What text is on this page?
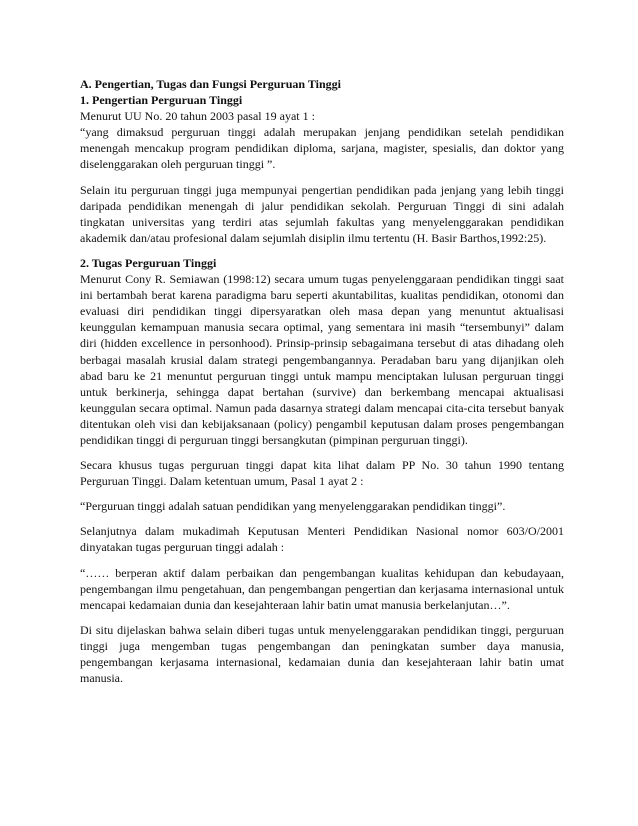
A. Pengertian, Tugas dan Fungsi Perguruan Tinggi
1. Pengertian Perguruan Tinggi
Menurut UU No. 20 tahun 2003 pasal 19 ayat 1 :

“yang dimaksud perguruan tinggi adalah merupakan jenjang pendidikan setelah pendidikan menengah mencakup program pendidikan diploma, sarjana, magister, spesialis, dan doktor yang diselenggarakan oleh perguruan tinggi ”.

Selain itu perguruan tinggi juga mempunyai pengertian pendidikan pada jenjang yang lebih tinggi daripada pendidikan menengah di jalur pendidikan sekolah. Perguruan Tinggi di sini adalah tingkatan universitas yang terdiri atas sejumlah fakultas yang menyelenggarakan pendidikan akademik dan/atau profesional dalam sejumlah disiplin ilmu tertentu (H. Basir Barthos,1992:25).

2. Tugas Perguruan Tinggi

Menurut Cony R. Semiawan (1998:12) secara umum tugas penyelenggaraan pendidikan tinggi saat ini bertambah berat karena paradigma baru seperti akuntabilitas, kualitas pendidikan, otonomi dan evaluasi diri pendidikan tinggi dipersyaratkan oleh masa depan yang menuntut aktualisasi keunggulan kemampuan manusia secara optimal, yang sementara ini masih “tersembunyi” dalam diri (hidden excellence in personhood). Prinsip-prinsip sebagaimana tersebut di atas dihadang oleh berbagai masalah krusial dalam strategi pengembangannya. Peradaban baru yang dijanjikan oleh abad baru ke 21 menuntut perguruan tinggi untuk mampu menciptakan lulusan perguruan tinggi untuk berkinerja, sehingga dapat bertahan (survive) dan berkembang mencapai aktualisasi keunggulan secara optimal. Namun pada dasarnya strategi dalam mencapai cita-cita tersebut banyak ditentukan oleh visi dan kebijaksanaan (policy) pengambil keputusan dalam proses pengembangan pendidikan tinggi di perguruan tinggi bersangkutan (pimpinan perguruan tinggi).

Secara khusus tugas perguruan tinggi dapat kita lihat dalam PP No. 30 tahun 1990 tentang Perguruan Tinggi. Dalam ketentuan umum, Pasal 1 ayat 2 :

“Perguruan tinggi adalah satuan pendidikan yang menyelenggarakan pendidikan tinggi”.

Selanjutnya dalam mukadimah Keputusan Menteri Pendidikan Nasional nomor 603/O/2001 dinyatakan tugas perguruan tinggi adalah :

“…… berperan aktif dalam perbaikan dan pengembangan kualitas kehidupan dan kebudayaan, pengembangan ilmu pengetahuan, dan pengembangan pengertian dan kerjasama internasional untuk mencapai kedamaian dunia dan kesejahteraan lahir batin umat manusia berkelanjutan…”.

Di situ dijelaskan bahwa selain diberi tugas untuk menyelenggarakan pendidikan tinggi, perguruan tinggi juga mengemban tugas pengembangan dan peningkatan sumber daya manusia, pengembangan kerjasama internasional, kedamaian dunia dan kesejahteraan lahir batin umat manusia.
